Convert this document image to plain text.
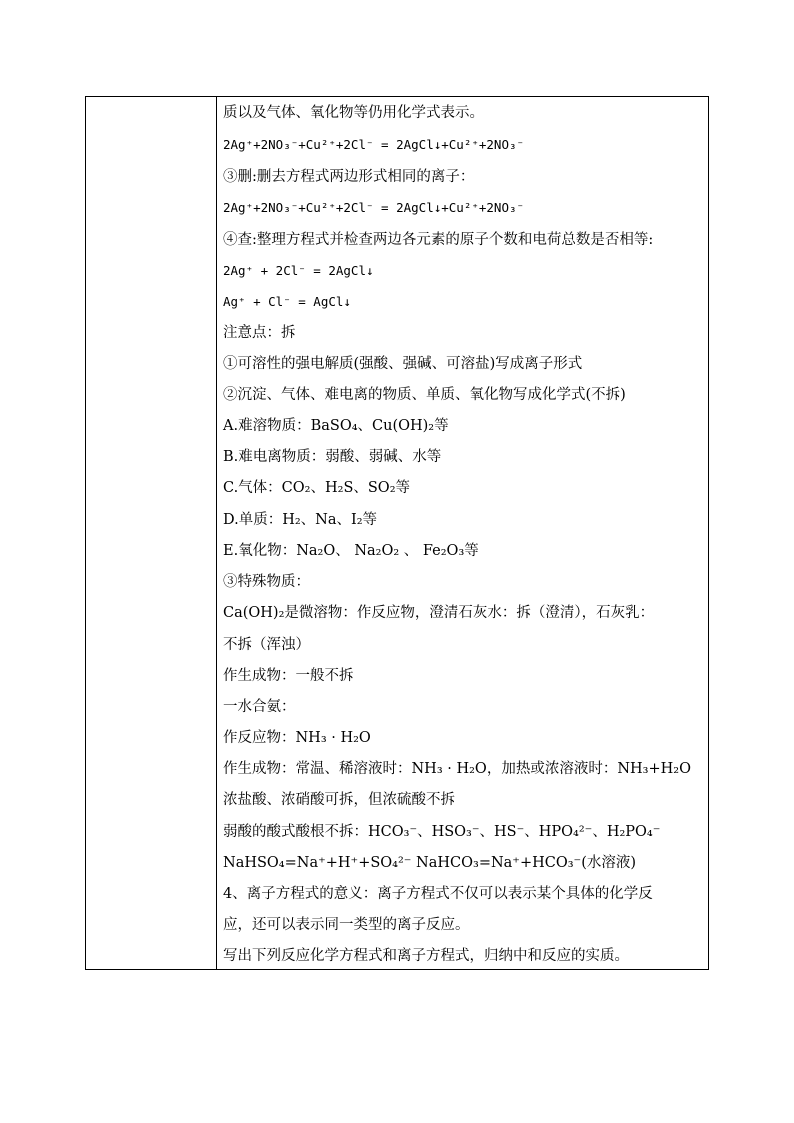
质以及气体、氧化物等仍用化学式表示。
2Ag⁺+2NO₃⁻+Cu²⁺+2Cl⁻ = 2AgCl↓+Cu²⁺+2NO₃⁻
③删:删去方程式两边形式相同的离子：
2Ag⁺+2NO₃⁻+Cu²⁺+2Cl⁻ = 2AgCl↓+Cu²⁺+2NO₃⁻
④查:整理方程式并检查两边各元素的原子个数和电荷总数是否相等:
2Ag⁺ + 2Cl⁻ = 2AgCl↓
Ag⁺ + Cl⁻ = AgCl↓
注意点：拆
①可溶性的强电解质(强酸、强碱、可溶盐)写成离子形式
②沉淀、气体、难电离的物质、单质、氧化物写成化学式(不拆)
A.难溶物质：BaSO₄、Cu(OH)₂等
B.难电离物质：弱酸、弱碱、水等
C.气体：CO₂、H₂S、SO₂等
D.单质：H₂、Na、I₂等
E.氧化物：Na₂O、 Na₂O₂ 、 Fe₂O₃等
③特殊物质：
Ca(OH)₂是微溶物：作反应物，澄清石灰水：拆（澄清），石灰乳：
不拆（浑浊）
作生成物：一般不拆
一水合氨：
作反应物：NH₃ · H₂O
作生成物：常温、稀溶液时：NH₃ · H₂O，加热或浓溶液时：NH₃+H₂O
浓盐酸、浓硝酸可拆，但浓硫酸不拆
弱酸的酸式酸根不拆：HCO₃⁻、HSO₃⁻、HS⁻、HPO₄²⁻、H₂PO₄⁻
NaHSO₄=Na⁺+H⁺+SO₄²⁻ NaHCO₃=Na⁺+HCO₃⁻(水溶液)
4、离子方程式的意义：离子方程式不仅可以表示某个具体的化学反
应，还可以表示同一类型的离子反应。
写出下列反应化学方程式和离子方程式，归纳中和反应的实质。
